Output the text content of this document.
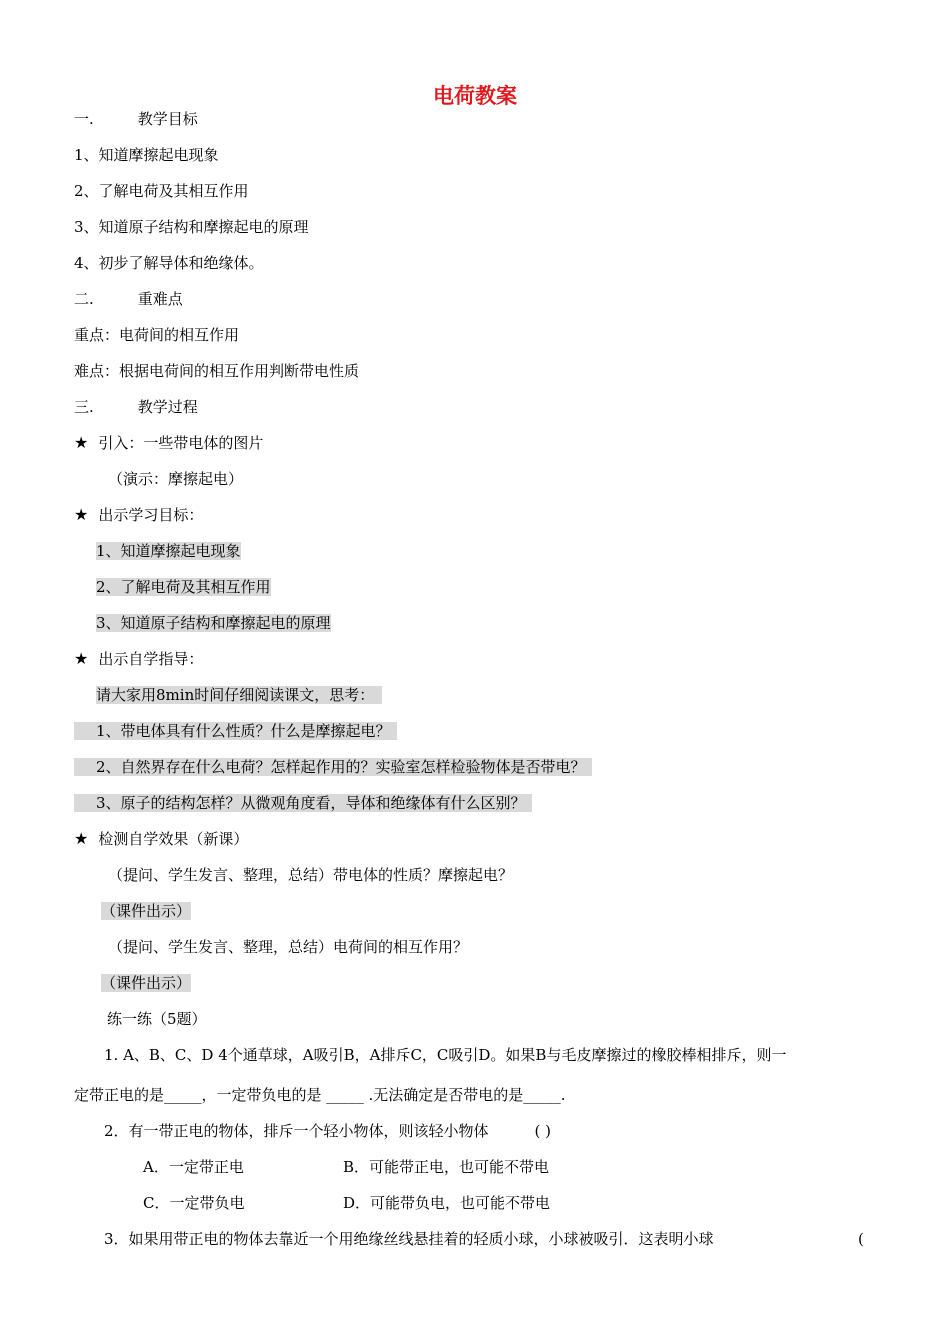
电荷教案
一.	教学目标
1、知道摩擦起电现象
2、了解电荷及其相互作用
3、知道原子结构和摩擦起电的原理
4、初步了解导体和绝缘体。
二.	重难点
重点：电荷间的相互作用
难点：根据电荷间的相互作用判断带电性质
三.	教学过程
★ 引入：一些带电体的图片
（演示：摩擦起电）
★ 出示学习目标：
1、知道摩擦起电现象
2、了解电荷及其相互作用
3、知道原子结构和摩擦起电的原理
★ 出示自学指导：
请大家用8min时间仔细阅读课文，思考：
1、带电体具有什么性质？什么是摩擦起电？
2、自然界存在什么电荷？怎样起作用的？实验室怎样检验物体是否带电？
3、原子的结构怎样？从微观角度看，导体和绝缘体有什么区别？
★ 检测自学效果（新课）
（提问、学生发言、整理，总结）带电体的性质？摩擦起电？
（课件出示）
（提问、学生发言、整理，总结）电荷间的相互作用？
（课件出示）
练一练（5题）
1. A、B、C、D 4个通草球，A吸引B，A排斥C，C吸引D。如果B与毛皮摩擦过的橡胶棒相排斥，则一
定带正电的是_____，一定带负电的是 _____ .无法确定是否带电的是_____.
2．有一带正电的物体，排斥一个轻小物体，则该轻小物体	( )
A．一定带正电	B．可能带正电，也可能不带电
C．一定带负电	D．可能带负电，也可能不带电
3．如果用带正电的物体去靠近一个用绝缘丝线悬挂着的轻质小球，小球被吸引．这表明小球	(
